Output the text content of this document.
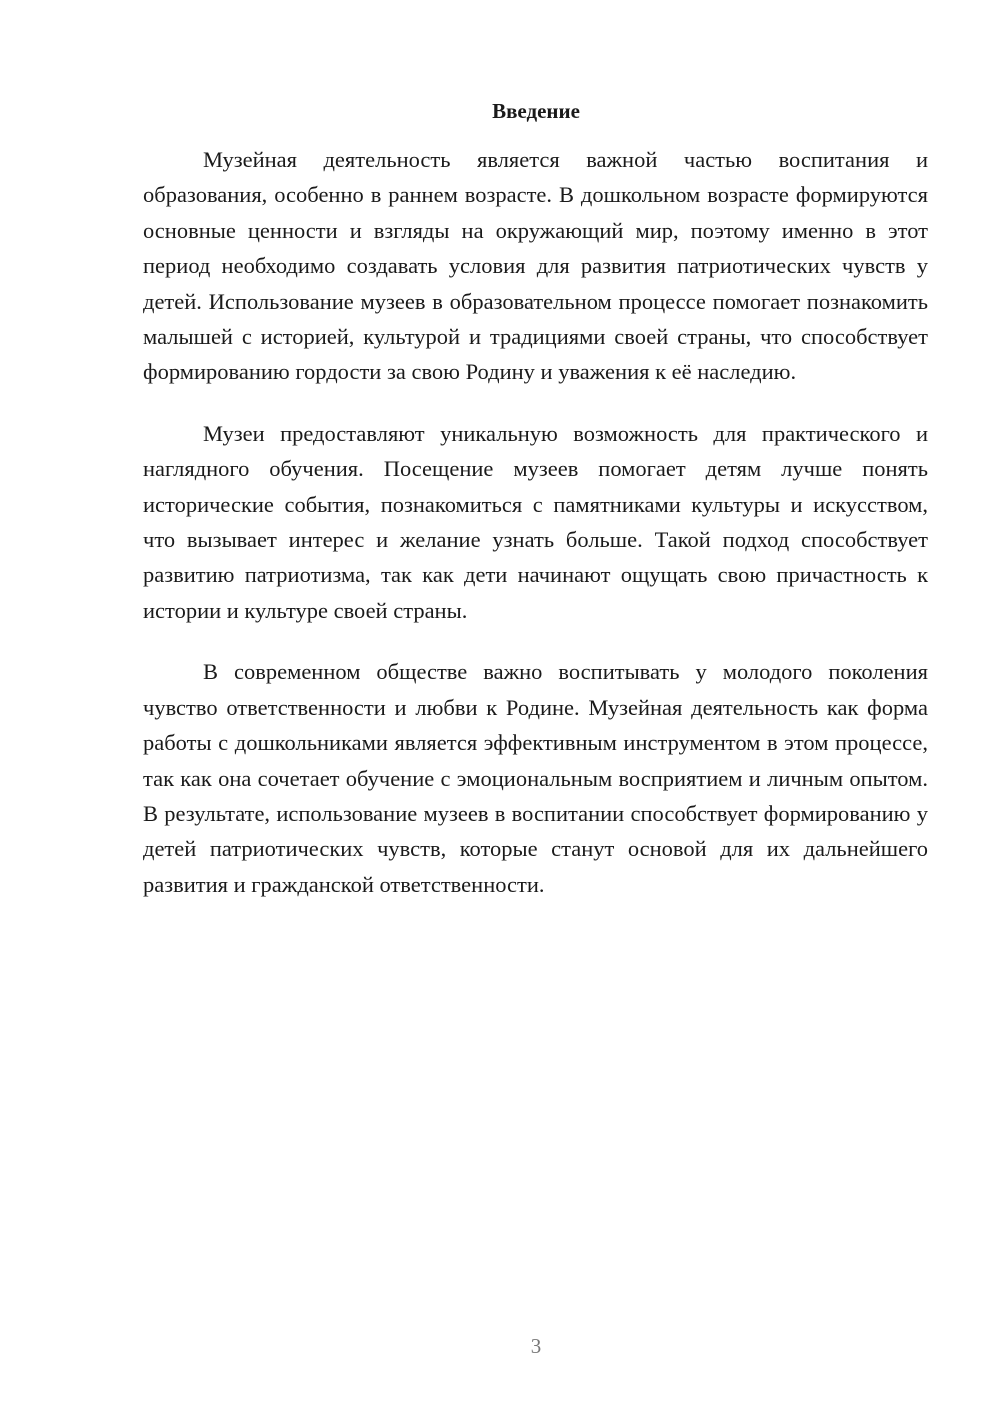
Введение

Музейная деятельность является важной частью воспитания и образования, особенно в раннем возрасте. В дошкольном возрасте формируются основные ценности и взгляды на окружающий мир, поэтому именно в этот период необходимо создавать условия для развития патриотических чувств у детей. Использование музеев в образовательном процессе помогает познакомить малышей с историей, культурой и традициями своей страны, что способствует формированию гордости за свою Родину и уважения к её наследию.

Музеи предоставляют уникальную возможность для практического и наглядного обучения. Посещение музеев помогает детям лучше понять исторические события, познакомиться с памятниками культуры и искусством, что вызывает интерес и желание узнать больше. Такой подход способствует развитию патриотизма, так как дети начинают ощущать свою причастность к истории и культуре своей страны.

В современном обществе важно воспитывать у молодого поколения чувство ответственности и любви к Родине. Музейная деятельность как форма работы с дошкольниками является эффективным инструментом в этом процессе, так как она сочетает обучение с эмоциональным восприятием и личным опытом. В результате, использование музеев в воспитании способствует формированию у детей патриотических чувств, которые станут основой для их дальнейшего развития и гражданской ответственности.

3
